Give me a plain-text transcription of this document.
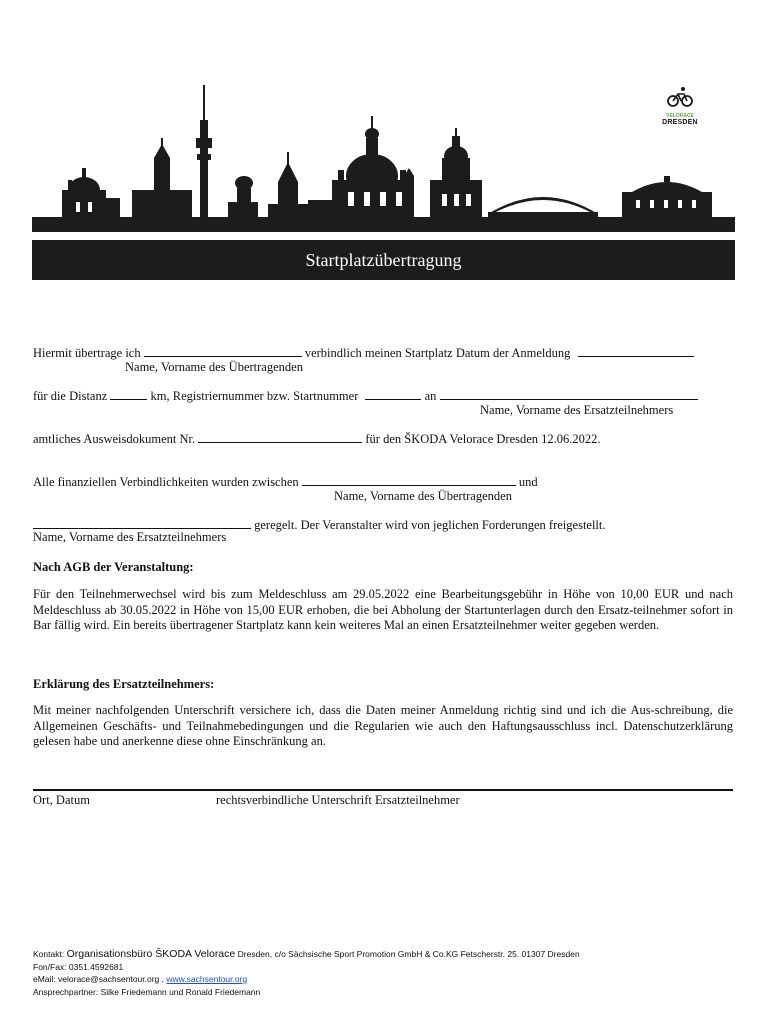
VELORACE
DRESDEN
Startplatzübertragung
Hiermit übertrage ich	verbindlich meinen Startplatz Datum der Anmeldung
Name, Vorname des Übertragenden
für die Distanz	km, Registriernummer bzw. Startnummer	an
Name, Vorname des Ersatzteilnehmers
amtliches Ausweisdokument Nr.	für den ŠKODA Velorace Dresden 12.06.2022.
Alle finanziellen Verbindlichkeiten wurden zwischen	und
Name, Vorname des Übertragenden
geregelt. Der Veranstalter wird von jeglichen Forderungen freigestellt.
Name, Vorname des Ersatzteilnehmers
Nach AGB der Veranstaltung:
Für den Teilnehmerwechsel wird bis zum Meldeschluss am 29.05.2022 eine Bearbeitungsgebühr in Höhe von 10,00 EUR und nach Meldeschluss ab 30.05.2022 in Höhe von 15,00 EUR erhoben, die bei Abholung der Startunterlagen durch den Ersatz-teilnehmer sofort in Bar fällig wird. Ein bereits übertragener Startplatz kann kein weiteres Mal an einen Ersatzteilnehmer weiter gegeben werden.
Erklärung des Ersatzteilnehmers:
Mit meiner nachfolgenden Unterschrift versichere ich, dass die Daten meiner Anmeldung richtig sind und ich die Aus-schreibung, die Allgemeinen Geschäfts- und Teilnahmebedingungen und die Regularien wie auch den Haftungsausschluss incl. Datenschutzerklärung gelesen habe und anerkenne diese ohne Einschränkung an.
Ort, Datum	rechtsverbindliche Unterschrift Ersatzteilnehmer
Kontakt: Organisationsbüro ŠKODA Velorace Dresden, c/o Sächsische Sport Promotion GmbH & Co.KG Fetscherstr. 25. 01307 Dresden
Fon/Fax: 0351.4592681
eMail: velorace@sachsentour.org , www.sachsentour.org
Ansprechpartner: Silke Friedemann und Ronald Friedemann
